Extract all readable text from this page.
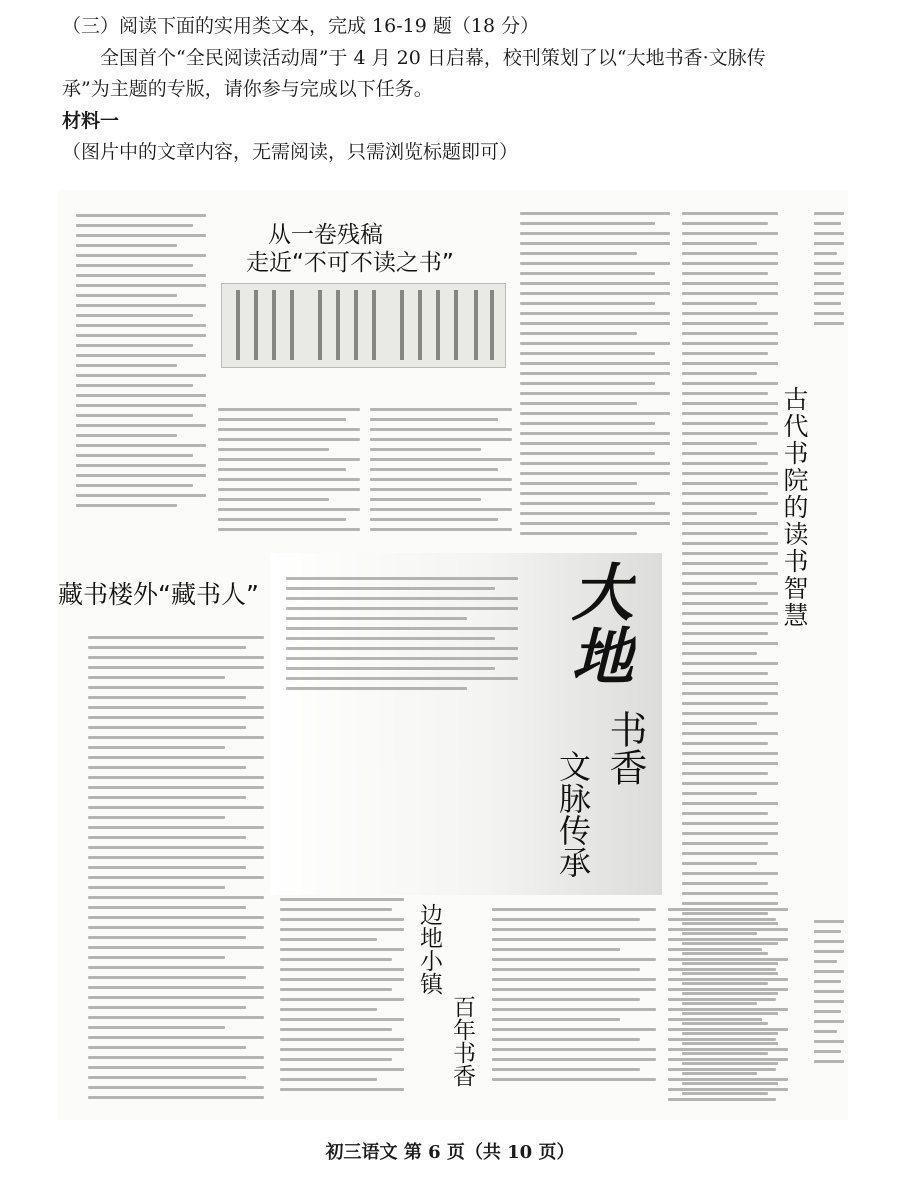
（三）阅读下面的实用类文本，完成 16-19 题（18 分）
全国首个“全民阅读活动周”于 4 月 20 日启幕，校刊策划了以“大地书香·文脉传
承”为主题的专版，请你参与完成以下任务。
材料一
（图片中的文章内容，无需阅读，只需浏览标题即可）
从一卷残稿
走近“不可不读之书”
古代书院的读书智慧
藏书楼外“藏书人”	大地
书香
文脉传承
边地小镇
百年书香
初三语文 第 6 页（共 10 页）
